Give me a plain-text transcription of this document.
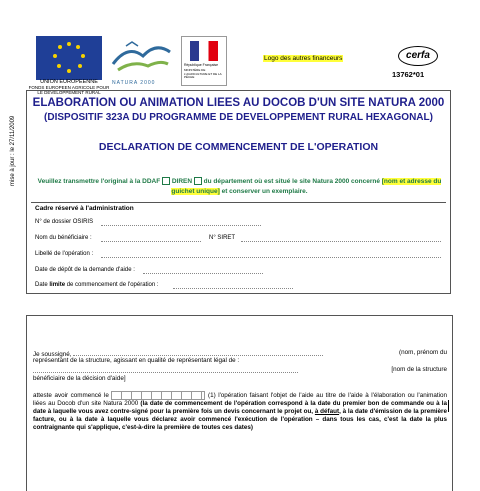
UNION EUROPEENNE
FONDS EUROPEEN AGRICOLE POUR LE DEVELOPPEMENT RURAL
NATURA 2000
République Française
MINISTÈRE DE L'AGRICULTURE ET DE LA PÊCHE
Logo des autres financeurs	cerfa
13762*01
mise à jour : le 27/11/2009
ELABORATION OU ANIMATION LIEES AU DOCOB D'UN SITE NATURA 2000
(DISPOSITIF 323A DU PROGRAMME DE DEVELOPPEMENT RURAL HEXAGONAL)
DECLARATION DE COMMENCEMENT DE L'OPERATION
Veuillez transmettre l'original à la DDAF DIREN du département où est situé le site Natura 2000 concerné [nom et adresse du guichet unique] et conserver un exemplaire.
Cadre réservé à l'administration
N° de dossier OSIRIS
Nom du bénéficiaire :	N° SIRET
Libellé de l'opération :
Date de dépôt de la demande d'aide :
Date limite de commencement de l'opération :
Je soussigné,	(nom, prénom du
représentant de la structure, agissant en qualité de représentant légal de :
[nom de la structure
bénéficiaire de la décision d'aide]
atteste avoir commencé le	(1) l'opération faisant l'objet de l'aide au titre de l'aide à l'élaboration ou l'animation liées au Docob d'un site Natura 2000 (la date de commencement de l'opération correspond à la date du premier bon de commande ou à la date à laquelle vous avez contre-signé pour la première fois un devis concernant le projet ou, à défaut, à la date d'émission de la première facture, ou à la date à laquelle vous déclarez avoir commencé l'exécution de l'opération – dans tous les cas, c'est la date la plus contraignante qui s'applique, c'est-à-dire la première de toutes ces dates)
